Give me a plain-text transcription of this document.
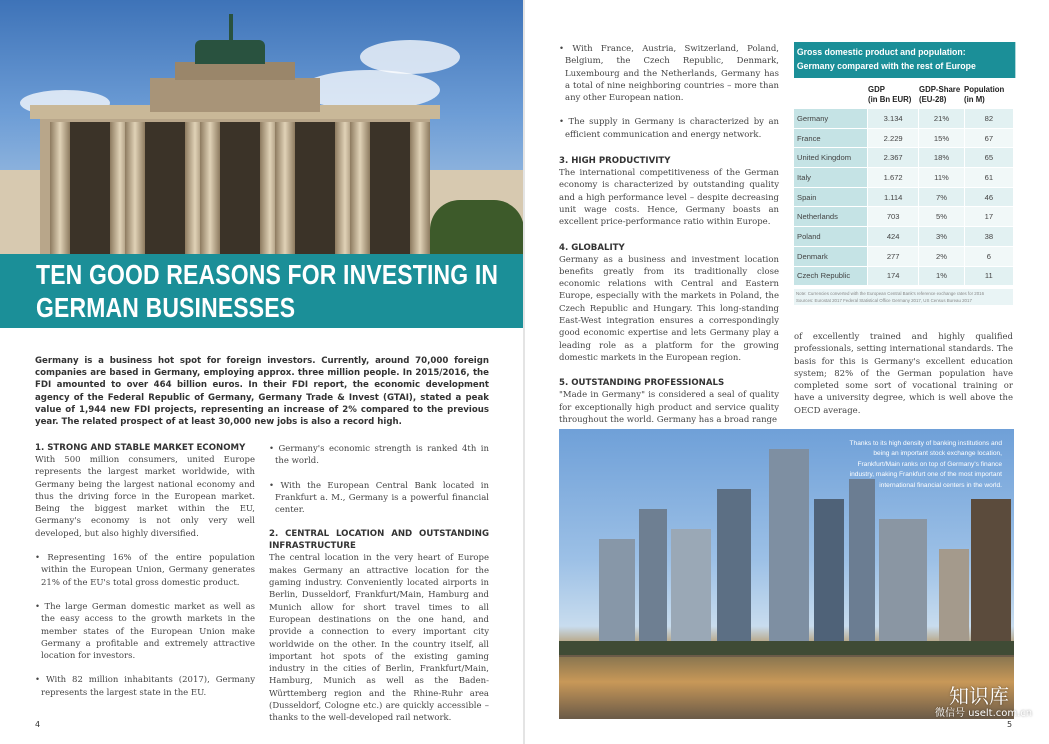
TEN GOOD REASONS FOR INVESTING IN
GERMAN BUSINESSES
Germany is a business hot spot for foreign investors. Currently, around 70,000 foreign companies are based in Germany, employing approx. three million people. In 2015/2016, the FDI amounted to over 464 billion euros. In their FDI report, the economic development agency of the Federal Republic of Germany, Germany Trade & Invest (GTAI), stated a peak value of 1,944 new FDI projects, representing an increase of 2% compared to the previous year. The related prospect of at least 30,000 new jobs is also a record high.

1. STRONG AND STABLE MARKET ECONOMY

With 500 million consumers, united Europe represents the largest market worldwide, with Germany being the largest national economy and thus the driving force in the European market. Being the biggest market within the EU, Germany's economy is not only very well developed, but also highly diversified.

• Representing 16% of the entire population within the European Union, Germany generates 21% of the EU's total gross domestic product.

• The large German domestic market as well as the easy access to the growth markets in the member states of the European Union make Germany a profitable and extremely attractive location for investors.

• With 82 million inhabitants (2017), Germany represents the largest state in the EU.

• Germany's economic strength is ranked 4th in the world.

• With the European Central Bank located in Frankfurt a. M., Germany is a powerful financial center.

2. CENTRAL LOCATION AND OUTSTANDING INFRASTRUCTURE

The central location in the very heart of Europe makes Germany an attractive location for the gaming industry. Conveniently located airports in Berlin, Dusseldorf, Frankfurt/Main, Hamburg and Munich allow for short travel times to all European destinations on the one hand, and provide a connection to every important city worldwide on the other. In the country itself, all important hot spots of the existing gaming industry in the cities of Berlin, Frankfurt/Main, Hamburg, Munich as well as the Baden-Württemberg region and the Rhine-Ruhr area (Dusseldorf, Cologne etc.) are quickly accessible – thanks to the well-developed rail network.

4	5

• With France, Austria, Switzerland, Poland, Belgium, the Czech Republic, Denmark, Luxembourg and the Netherlands, Germany has a total of nine neighboring countries – more than any other European nation.

• The supply in Germany is characterized by an efficient communication and energy network.

3. HIGH PRODUCTIVITY

The international competitiveness of the German economy is characterized by outstanding quality and a high performance level – despite decreasing unit wage costs. Hence, Germany boasts an excellent price-performance ratio within Europe.

4. GLOBALITY

Germany as a business and investment location benefits greatly from its traditionally close economic relations with Central and Eastern Europe, especially with the markets in Poland, the Czech Republic and Hungary. This long-standing East-West integration ensures a correspondingly good economic expertise and lets Germany play a leading role as a platform for the growing domestic markets in the European region.

5. OUTSTANDING PROFESSIONALS

"Made in Germany" is considered a seal of quality for exceptionally high product and service quality throughout the world. Germany has a broad range

Gross domestic product and population:
Germany compared with the rest of Europe
GDP
(in Bn EUR)
GDP-Share
(EU-28)
Population
(in M)
Germany	3.134	21%	82
France	2.229	15%	67
United Kingdom	2.367	18%	65
Italy	1.672	11%	61
Spain	1.114	7%	46
Netherlands	703	5%	17
Poland	424	3%	38
Denmark	277	2%	6
Czech Republic	174	1%	11
Note: Currencies converted with the European Central Bank's reference exchange rates for 2016
Sources: Eurostat 2017 Federal Statistical Office Germany 2017, US Census Bureau 2017

of excellently trained and highly qualified professionals, setting international standards. The basis for this is Germany's excellent education system; 82% of the German population have completed some sort of vocational training or have a university degree, which is well above the OECD average.

Thanks to its high density of banking institutions and being an important stock exchange location, Frankfurt/Main ranks on top of Germany's finance industry, making Frankfurt one of the most important international financial centers in the world.
知识库
微信号 uselt.com.cn
